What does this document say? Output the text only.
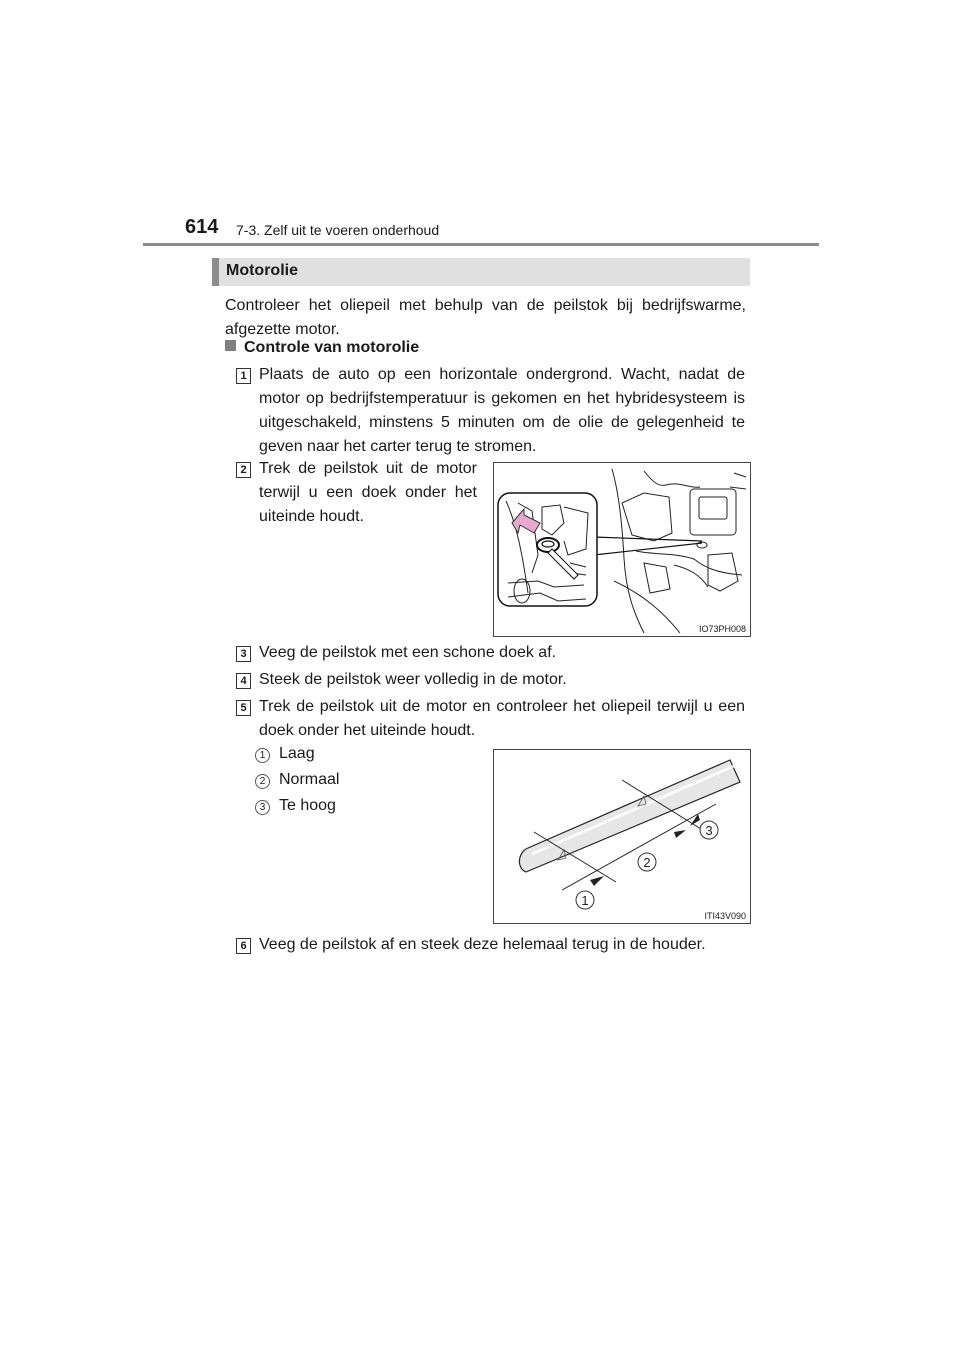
614 7-3. Zelf uit te voeren onderhoud
Motorolie
Controleer het oliepeil met behulp van de peilstok bij bedrijfswarme, afgezette motor.
Controle van motorolie
1 Plaats de auto op een horizontale ondergrond. Wacht, nadat de motor op bedrijfstemperatuur is gekomen en het hybridesysteem is uitgeschakeld, minstens 5 minuten om de olie de gelegenheid te geven naar het carter terug te stromen.
2 Trek de peilstok uit de motor terwijl u een doek onder het uiteinde houdt.
IO73PH008
3 Veeg de peilstok met een schone doek af.
4 Steek de peilstok weer volledig in de motor.
5 Trek de peilstok uit de motor en controleer het oliepeil terwijl u een doek onder het uiteinde houdt.
1 Laag
2 Normaal
3 Te hoog
1
2
3
ITI43V090
6 Veeg de peilstok af en steek deze helemaal terug in de houder.
